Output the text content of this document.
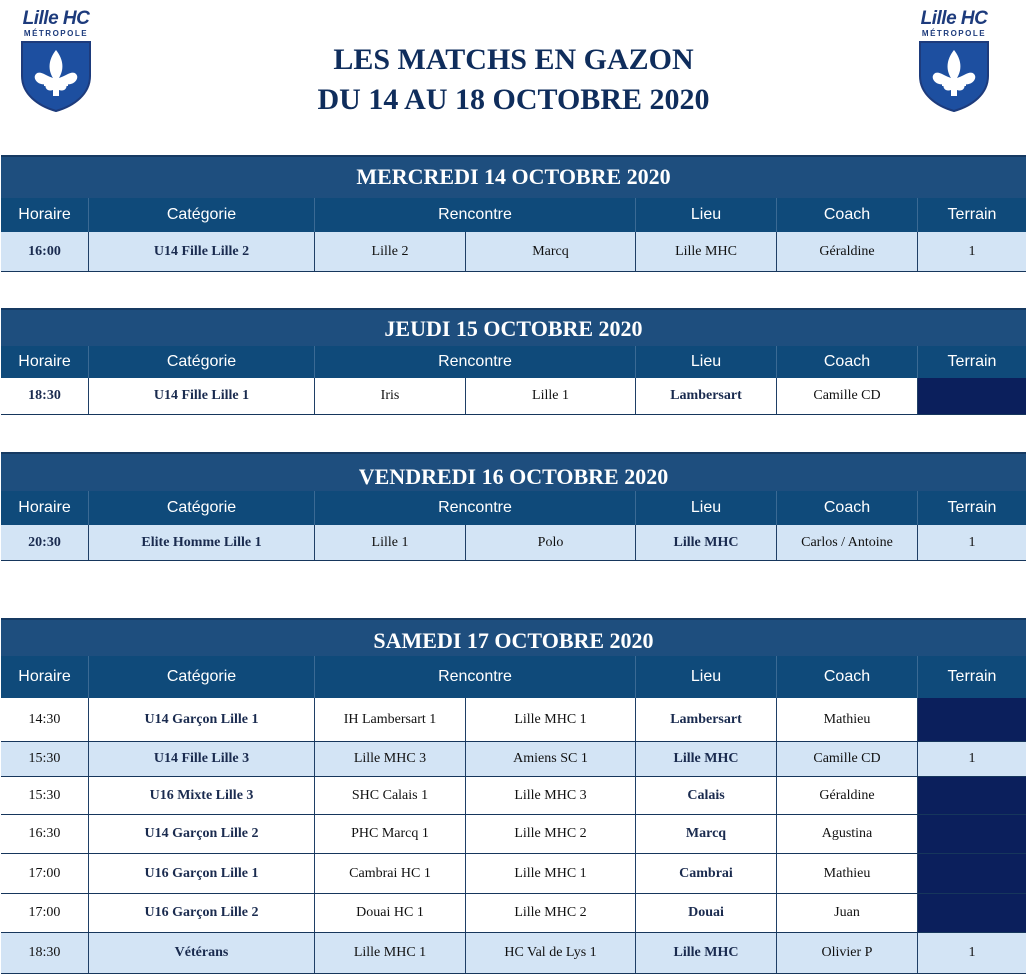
Lille HC
MÉTROPOLE
Lille HC
MÉTROPOLE
LES MATCHS EN GAZON
DU 14 AU 18 OCTOBRE 2020
MERCREDI 14 OCTOBRE 2020
Horaire	Catégorie	Rencontre	Lieu	Coach	Terrain
16:00	U14 Fille Lille 2	Lille 2	Marcq	Lille MHC	Géraldine	1
JEUDI 15 OCTOBRE 2020
Horaire	Catégorie	Rencontre	Lieu	Coach	Terrain
18:30	U14 Fille Lille 1	Iris	Lille 1	Lambersart	Camille CD
VENDREDI 16 OCTOBRE 2020
Horaire	Catégorie	Rencontre	Lieu	Coach	Terrain
20:30	Elite Homme Lille 1	Lille 1	Polo	Lille MHC	Carlos / Antoine	1
SAMEDI 17 OCTOBRE 2020
Horaire	Catégorie	Rencontre	Lieu	Coach	Terrain
14:30	U14 Garçon Lille 1	IH Lambersart 1	Lille MHC 1	Lambersart	Mathieu
15:30	U14 Fille Lille 3	Lille MHC 3	Amiens SC 1	Lille MHC	Camille CD	1
15:30	U16 Mixte Lille 3	SHC Calais 1	Lille MHC 3	Calais	Géraldine
16:30	U14 Garçon Lille 2	PHC Marcq 1	Lille MHC 2	Marcq	Agustina
17:00	U16 Garçon Lille 1	Cambrai HC 1	Lille MHC 1	Cambrai	Mathieu
17:00	U16 Garçon Lille 2	Douai HC 1	Lille MHC 2	Douai	Juan
18:30	Vétérans	Lille MHC 1	HC Val de Lys 1	Lille MHC	Olivier P	1
